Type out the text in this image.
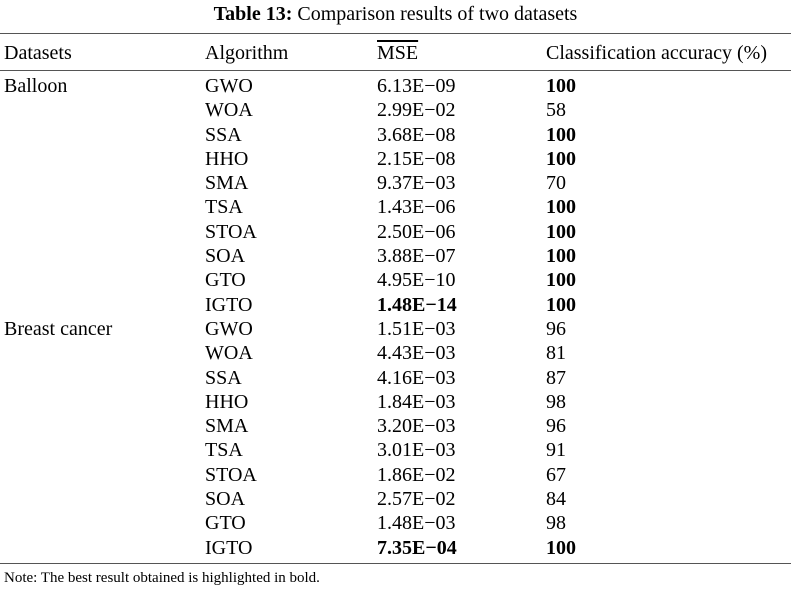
Table 13: Comparison results of two datasets
Datasets	Algorithm	$\overline{MSE}$	Classification accuracy (%)
Balloon	GWO	6.13E−09	100
WOA	2.99E−02	58
SSA	3.68E−08	100
HHO	2.15E−08	100
SMA	9.37E−03	70
TSA	1.43E−06	100
STOA	2.50E−06	100
SOA	3.88E−07	100
GTO	4.95E−10	100
IGTO	1.48E−14	100
Breast cancer	GWO	1.51E−03	96
WOA	4.43E−03	81
SSA	4.16E−03	87
HHO	1.84E−03	98
SMA	3.20E−03	96
TSA	3.01E−03	91
STOA	1.86E−02	67
SOA	2.57E−02	84
GTO	1.48E−03	98
IGTO	7.35E−04	100
Note: The best result obtained is highlighted in bold.
